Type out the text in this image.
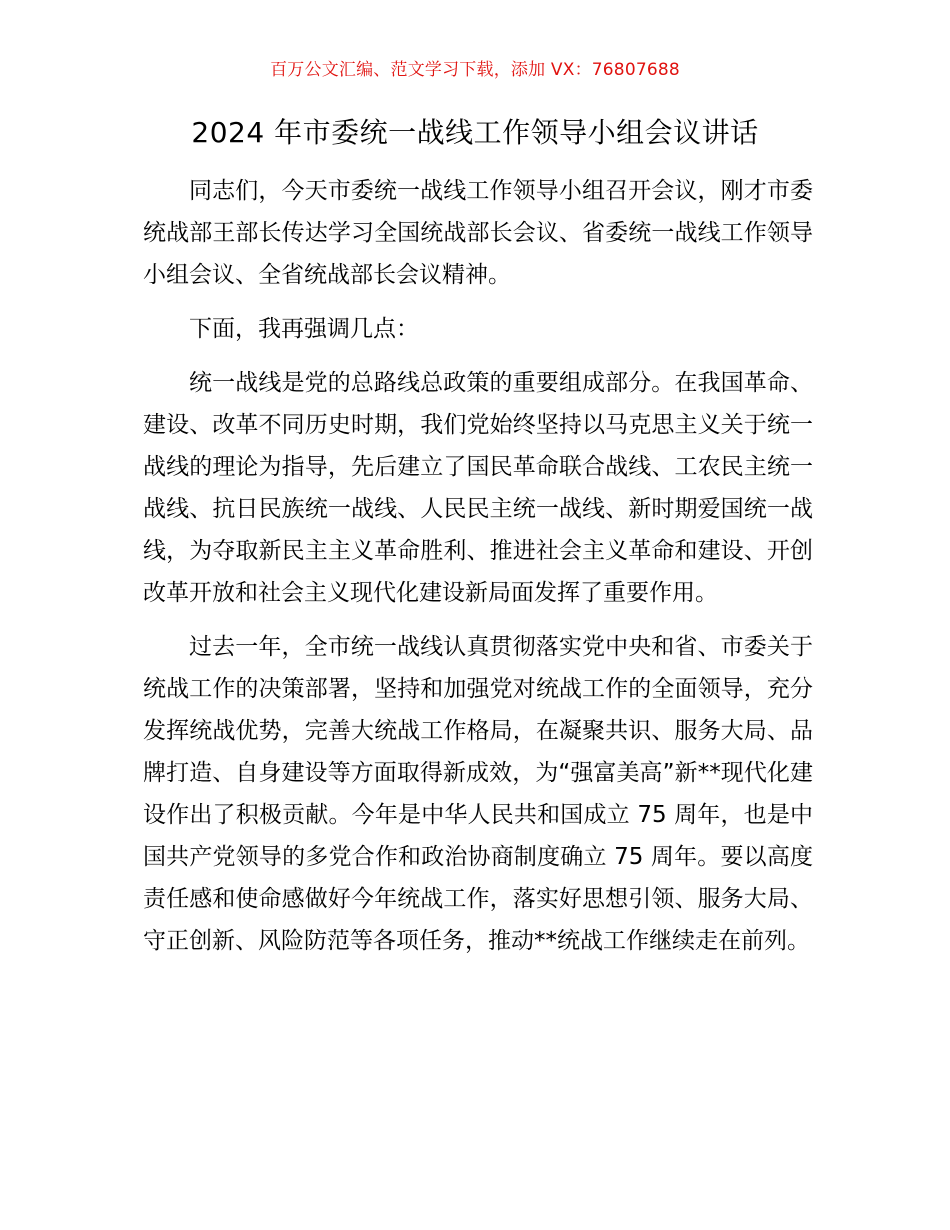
百万公文汇编、范文学习下载，添加 VX：76807688
2024 年市委统一战线工作领导小组会议讲话

同志们，今天市委统一战线工作领导小组召开会议，刚才市委统战部王部长传达学习全国统战部长会议、省委统一战线工作领导小组会议、全省统战部长会议精神。

下面，我再强调几点：

统一战线是党的总路线总政策的重要组成部分。在我国革命、建设、改革不同历史时期，我们党始终坚持以马克思主义关于统一战线的理论为指导，先后建立了国民革命联合战线、工农民主统一战线、抗日民族统一战线、人民民主统一战线、新时期爱国统一战线，为夺取新民主主义革命胜利、推进社会主义革命和建设、开创改革开放和社会主义现代化建设新局面发挥了重要作用。

过去一年，全市统一战线认真贯彻落实党中央和省、市委关于统战工作的决策部署，坚持和加强党对统战工作的全面领导，充分发挥统战优势，完善大统战工作格局，在凝聚共识、服务大局、品牌打造、自身建设等方面取得新成效，为“强富美高”新**现代化建设作出了积极贡献。今年是中华人民共和国成立 75 周年，也是中国共产党领导的多党合作和政治协商制度确立 75 周年。要以高度责任感和使命感做好今年统战工作，落实好思想引领、服务大局、守正创新、风险防范等各项任务，推动**统战工作继续走在前列。
